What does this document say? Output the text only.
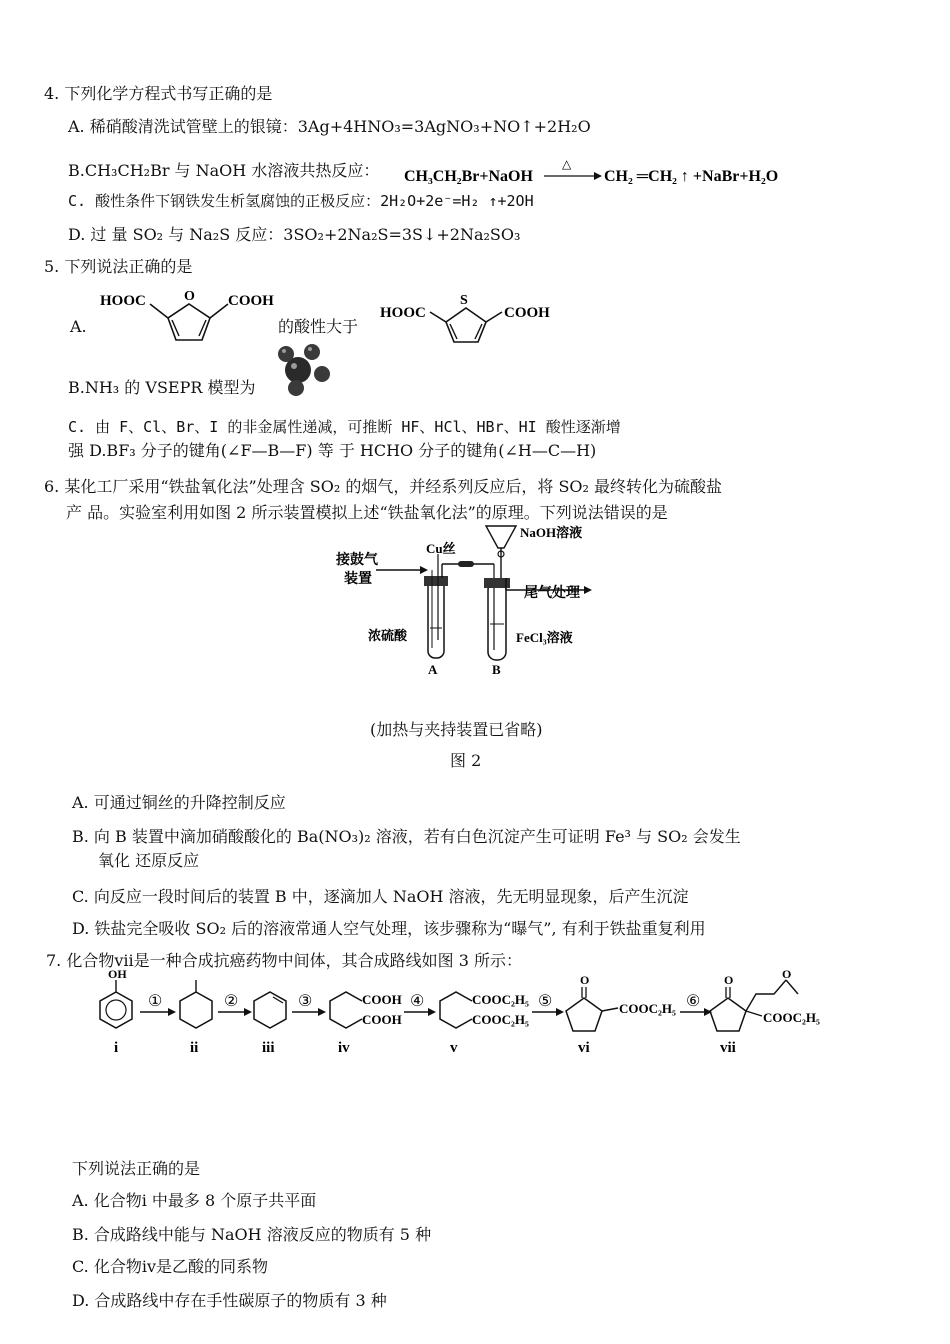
4. 下列化学方程式书写正确的是
A. 稀硝酸清洗试管壁上的银镜：3Ag+4HNO₃=3AgNO₃+NO↑+2H₂O
B.CH₃CH₂Br 与 NaOH 水溶液共热反应： CH₃CH₂Br+NaOH
△
CH₂ ═CH₂ ↑ +NaBr+H₂O
C. 酸性条件下钢铁发生析氢腐蚀的正极反应：2H₂O+2e⁻=H₂ ↑+2OH
D. 过 量 SO₂ 与 Na₂S 反应：3SO₂+2Na₂S=3S↓+2Na₂SO₃
5. 下列说法正确的是
A.
HOOC	COOH
O
的酸性大于
HOOC	COOH
S
B.NH₃ 的 VSEPR 模型为
C. 由 F、Cl、Br、I 的非金属性递减，可推断 HF、HCl、HBr、HI 酸性逐渐增
强 D.BF₃ 分子的键角(∠F—B—F) 等 于 HCHO 分子的键角(∠H—C—H)
6. 某化工厂采用“铁盐氧化法”处理含 SO₂ 的烟气，并经系列反应后，将 SO₂ 最终转化为硫酸盐
产 品。实验室利用如图 2 所示装置模拟上述“铁盐氧化法”的原理。下列说法错误的是
接鼓气
装置
Cu丝
NaOH溶液
尾气处理
浓硫酸	FeCl₃溶液
A	B
(加热与夹持装置已省略)
图 2
A. 可通过铜丝的升降控制反应
B. 向 B 装置中滴加硝酸酸化的 Ba(NO₃)₂ 溶液，若有白色沉淀产生可证明 Fe³ 与 SO₂ 会发生
氧化 还原反应
C. 向反应一段时间后的装置 B 中，逐滴加人 NaOH 溶液，先无明显现象，后产生沉淀
D. 铁盐完全吸收 SO₂ 后的溶液常通人空气处理，该步骤称为“曝气”, 有利于铁盐重复利用
7. 化合物ⅶ是一种合成抗癌药物中间体，其合成路线如图 3 所示：
OH
i
①
ii
②
iii
③	COOH
COOH
iv
④	COOC₂H₅
COOC₂H₅
v
⑤
O
COOC₂H₅
vi
⑥
O	O
COOC₂H₅
vii
下列说法正确的是
A. 化合物ⅰ 中最多 8 个原子共平面
B. 合成路线中能与 NaOH 溶液反应的物质有 5 种
C. 化合物ⅳ是乙酸的同系物
D. 合成路线中存在手性碳原子的物质有 3 种
